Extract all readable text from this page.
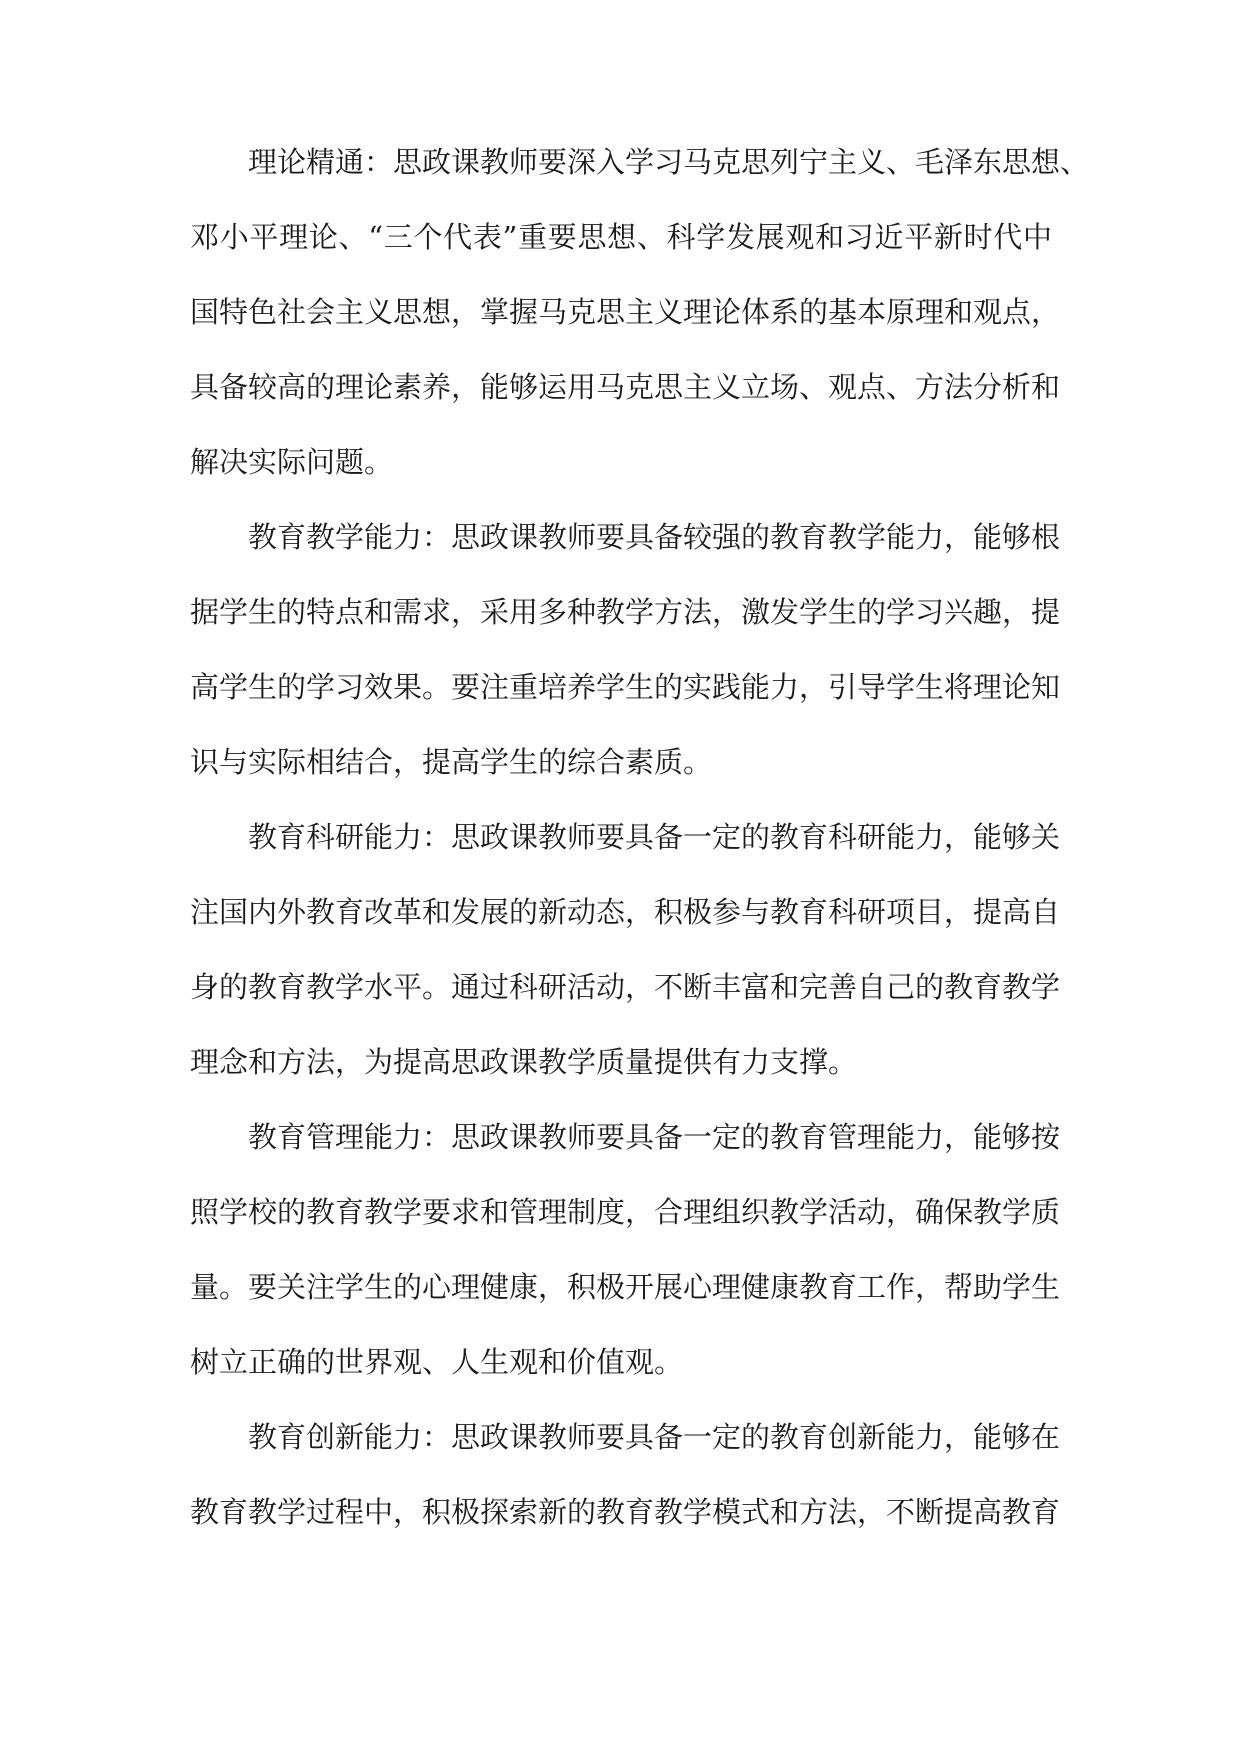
理论精通：思政课教师要深入学习马克思列宁主义、毛泽东思想、
邓小平理论、“三个代表”重要思想、科学发展观和习近平新时代中
国特色社会主义思想，掌握马克思主义理论体系的基本原理和观点，
具备较高的理论素养，能够运用马克思主义立场、观点、方法分析和
解决实际问题。
教育教学能力：思政课教师要具备较强的教育教学能力，能够根
据学生的特点和需求，采用多种教学方法，激发学生的学习兴趣，提
高学生的学习效果。要注重培养学生的实践能力，引导学生将理论知
识与实际相结合，提高学生的综合素质。
教育科研能力：思政课教师要具备一定的教育科研能力，能够关
注国内外教育改革和发展的新动态，积极参与教育科研项目，提高自
身的教育教学水平。通过科研活动，不断丰富和完善自己的教育教学
理念和方法，为提高思政课教学质量提供有力支撑。
教育管理能力：思政课教师要具备一定的教育管理能力，能够按
照学校的教育教学要求和管理制度，合理组织教学活动，确保教学质
量。要关注学生的心理健康，积极开展心理健康教育工作，帮助学生
树立正确的世界观、人生观和价值观。
教育创新能力：思政课教师要具备一定的教育创新能力，能够在
教育教学过程中，积极探索新的教育教学模式和方法，不断提高教育
